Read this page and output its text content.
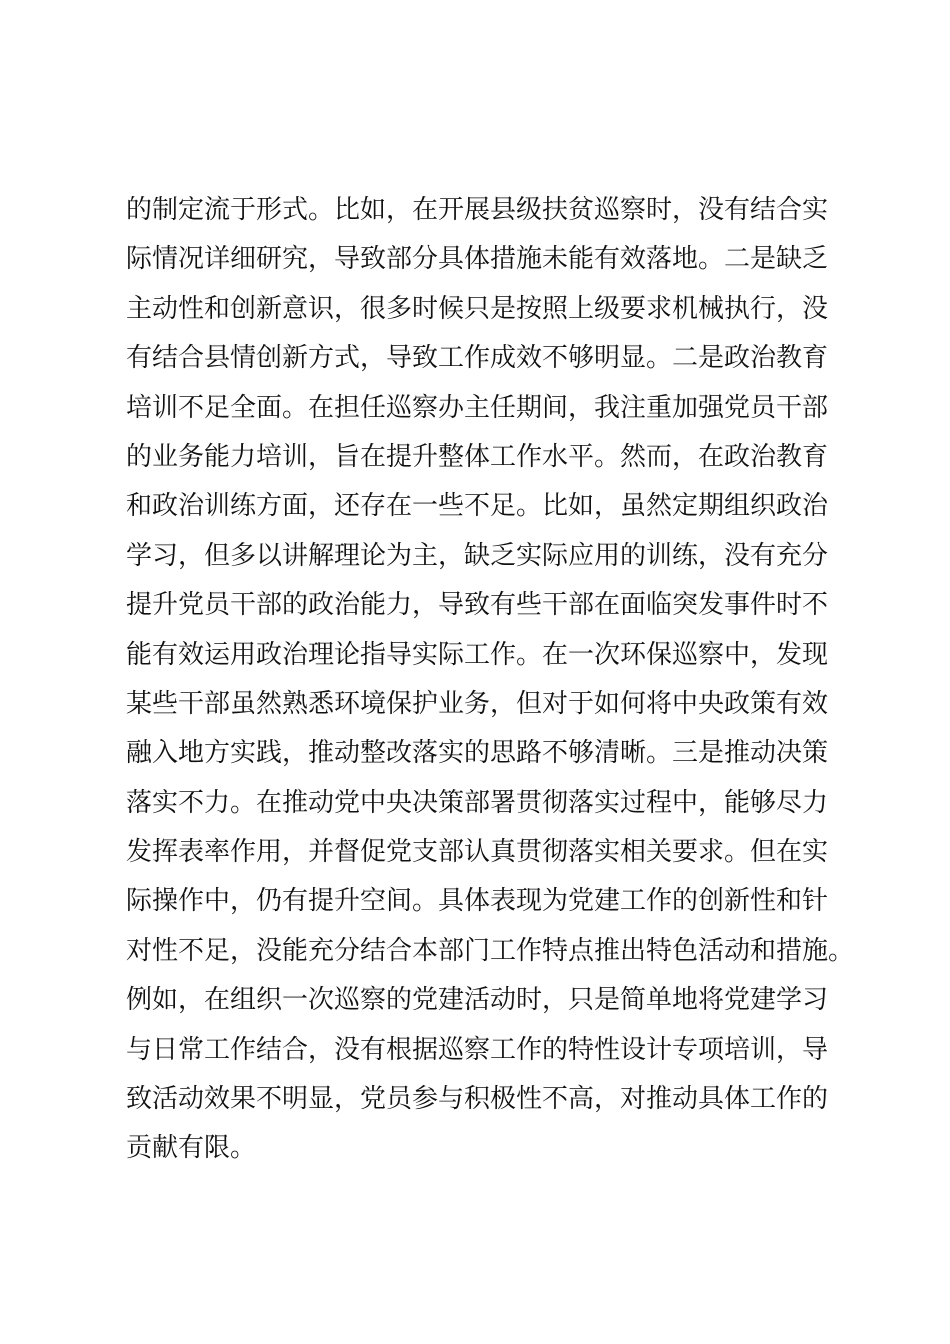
的制定流于形式。比如，在开展县级扶贫巡察时，没有结合实
际情况详细研究，导致部分具体措施未能有效落地。二是缺乏
主动性和创新意识，很多时候只是按照上级要求机械执行，没
有结合县情创新方式，导致工作成效不够明显。二是政治教育
培训不足全面。在担任巡察办主任期间，我注重加强党员干部
的业务能力培训，旨在提升整体工作水平。然而，在政治教育
和政治训练方面，还存在一些不足。比如，虽然定期组织政治
学习，但多以讲解理论为主，缺乏实际应用的训练，没有充分
提升党员干部的政治能力，导致有些干部在面临突发事件时不
能有效运用政治理论指导实际工作。在一次环保巡察中，发现
某些干部虽然熟悉环境保护业务，但对于如何将中央政策有效
融入地方实践，推动整改落实的思路不够清晰。三是推动决策
落实不力。在推动党中央决策部署贯彻落实过程中，能够尽力
发挥表率作用，并督促党支部认真贯彻落实相关要求。但在实
际操作中，仍有提升空间。具体表现为党建工作的创新性和针
对性不足，没能充分结合本部门工作特点推出特色活动和措施。
例如，在组织一次巡察的党建活动时，只是简单地将党建学习
与日常工作结合，没有根据巡察工作的特性设计专项培训，导
致活动效果不明显，党员参与积极性不高，对推动具体工作的
贡献有限。
